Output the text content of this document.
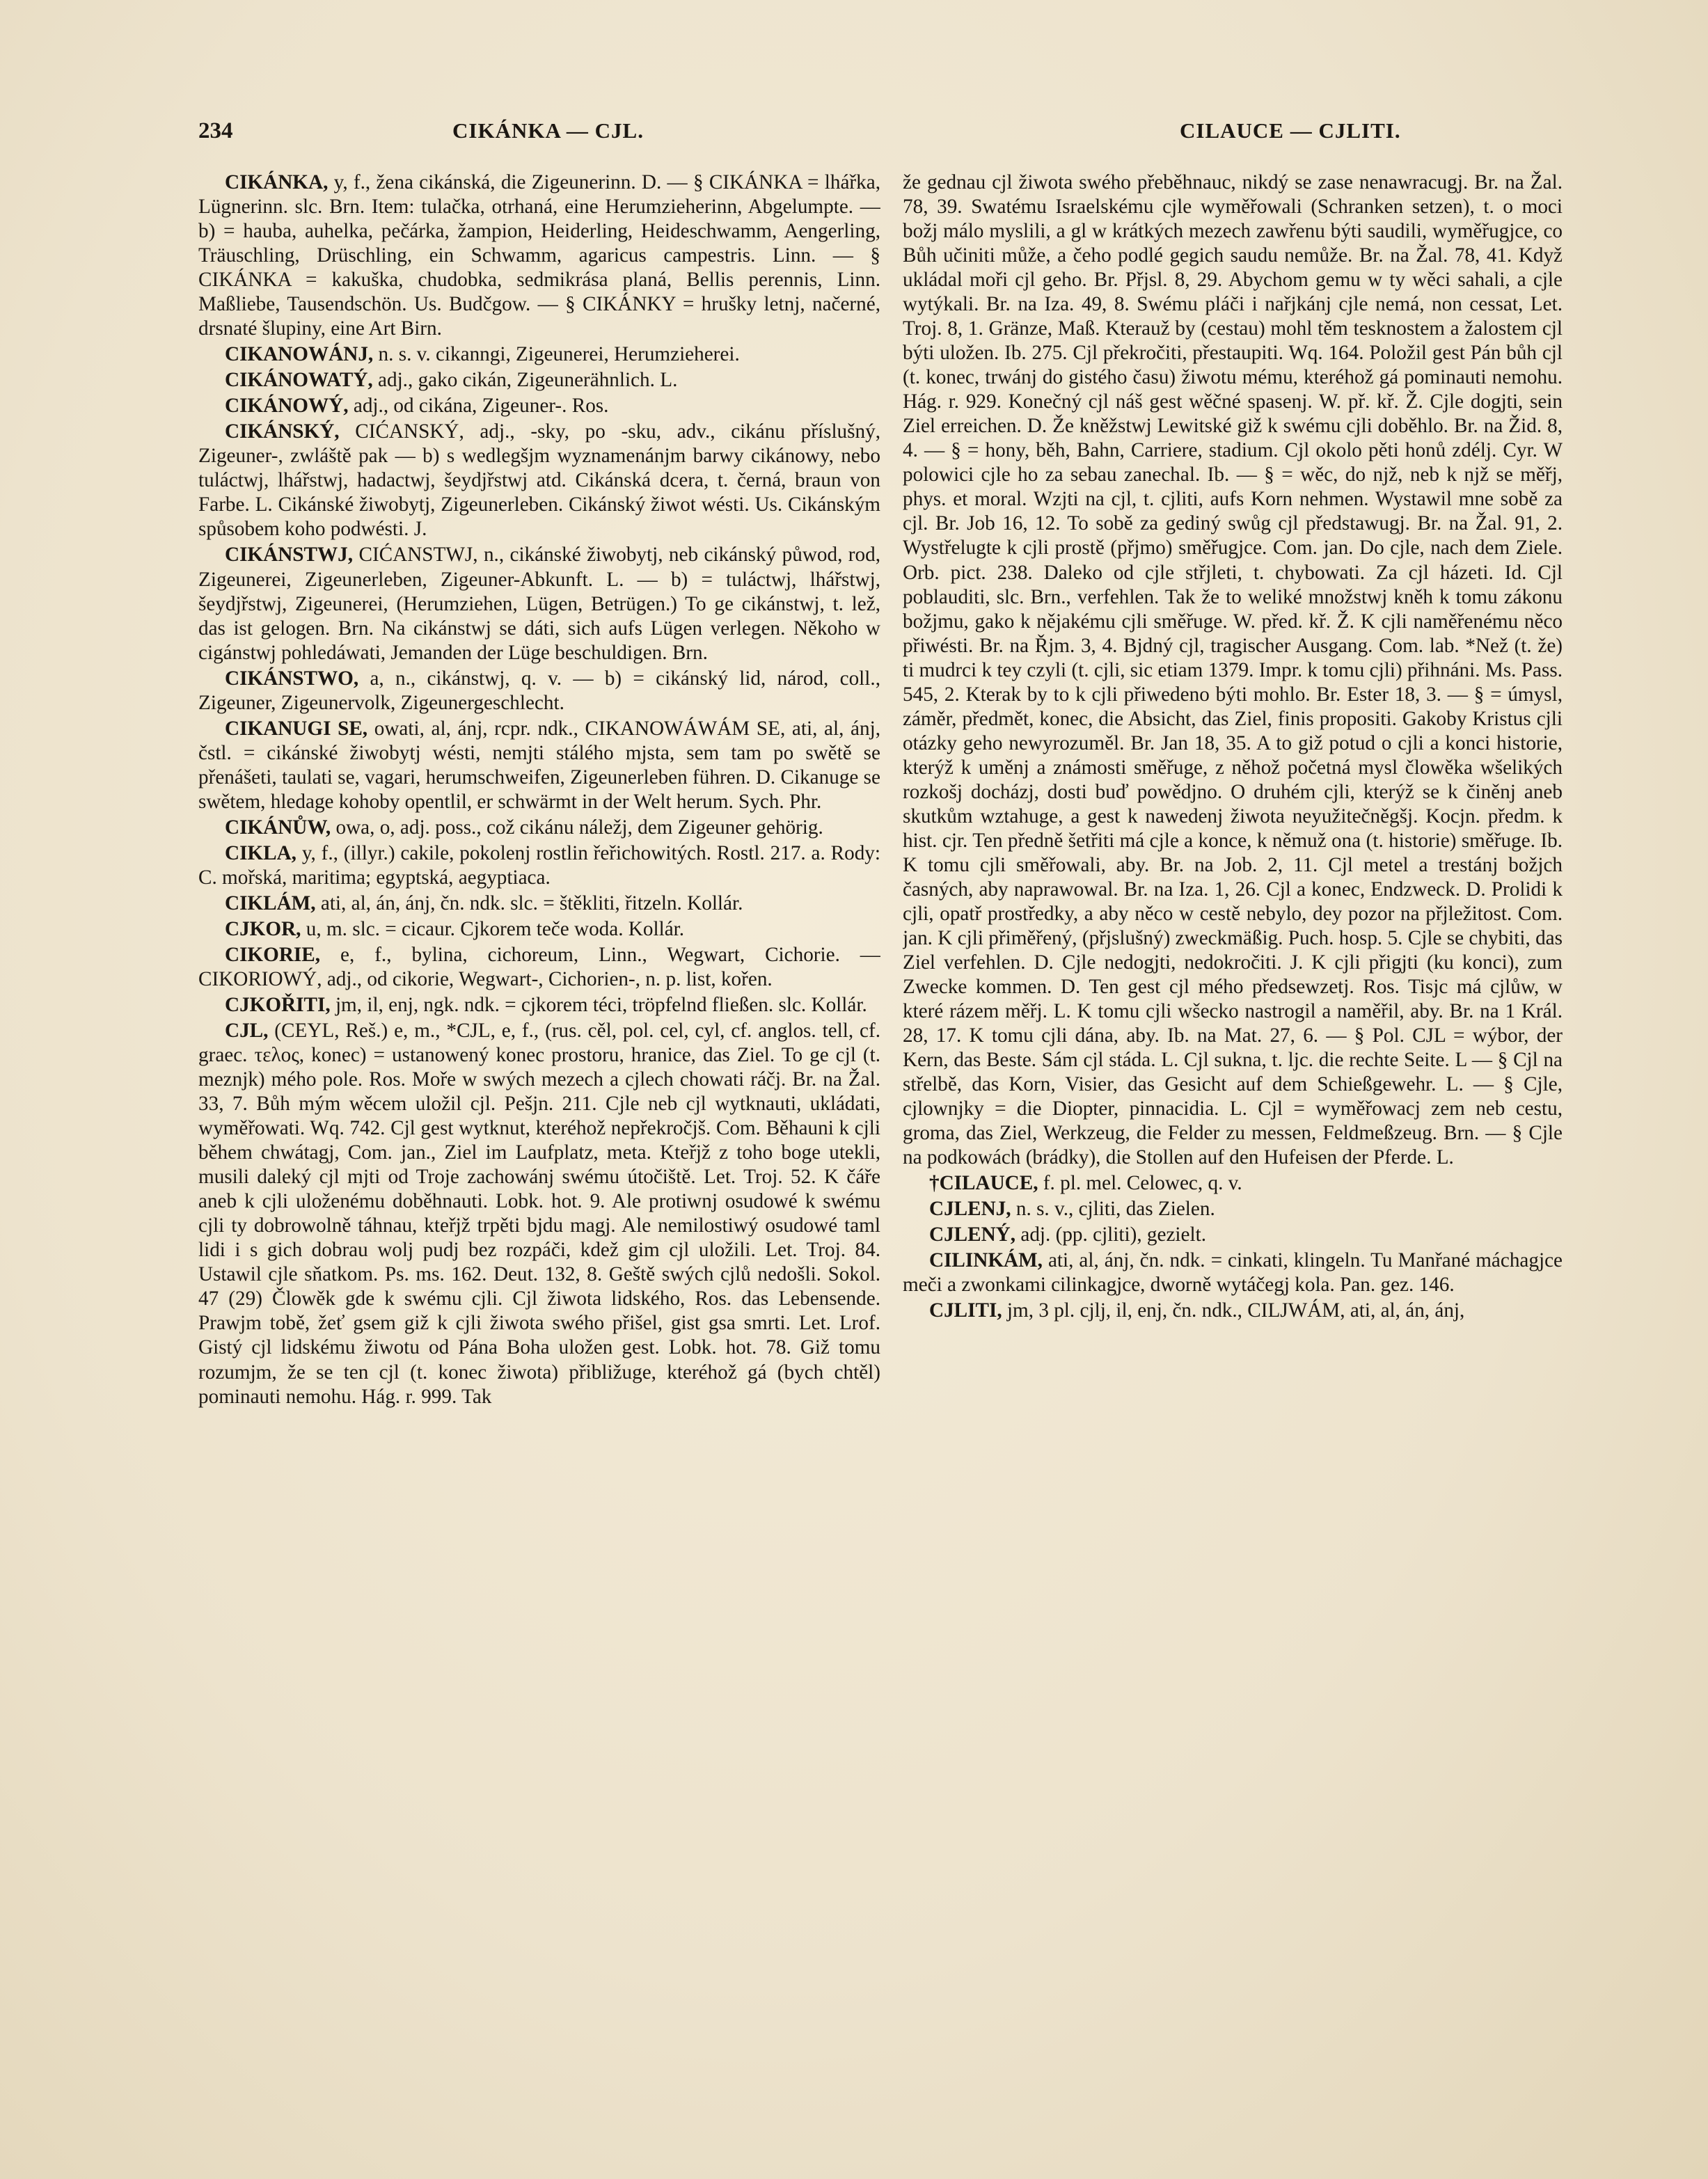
234	CIKÁNKA — CJL.	CILAUCE — CJLITI.

CIKÁNKA, y, f., žena cikánská, die Zigeunerinn. D. — § CIKÁNKA = lhářka, Lügnerinn. slc. Brn. Item: tulačka, otrhaná, eine Herumzieherinn, Abgelumpte. — b) = hauba, auhelka, pečárka, žampion, Heiderling, Heideschwamm, Aengerling, Träuschling, Drüschling, ein Schwamm, agaricus campestris. Linn. — § CIKÁNKA = kakuška, chudobka, sedmikrása planá, Bellis perennis, Linn. Maßliebe, Tausendschön. Us. Budčgow. — § CIKÁNKY = hrušky letnj, načerné, drsnaté šlupiny, eine Art Birn.

CIKANOWÁNJ, n. s. v. cikanngi, Zigeunerei, Herumzieherei.

CIKÁNOWATÝ, adj., gako cikán, Zigeunerähnlich. L.

CIKÁNOWÝ, adj., od cikána, Zigeuner-. Ros.

CIKÁNSKÝ, CIĆANSKÝ, adj., -sky, po -sku, adv., cikánu příslušný, Zigeuner-, zwláště pak — b) s wedlegšjm wyznamenánjm barwy cikánowy, nebo tuláctwj, lhářstwj, hadactwj, šeydjřstwj atd. Cikánská dcera, t. černá, braun von Farbe. L. Cikánské žiwobytj, Zigeunerleben. Cikánský žiwot wésti. Us. Cikánským spůsobem koho podwésti. J.

CIKÁNSTWJ, CIĆANSTWJ, n., cikánské žiwobytj, neb cikánský půwod, rod, Zigeunerei, Zigeunerleben, Zigeuner-Abkunft. L. — b) = tuláctwj, lhářstwj, šeydjřstwj, Zigeunerei, (Herumziehen, Lügen, Betrügen.) To ge cikánstwj, t. lež, das ist gelogen. Brn. Na cikánstwj se dáti, sich aufs Lügen verlegen. Někoho w cigánstwj pohledáwati, Jemanden der Lüge beschuldigen. Brn.

CIKÁNSTWO, a, n., cikánstwj, q. v. — b) = cikánský lid, národ, coll., Zigeuner, Zigeunervolk, Zigeunergeschlecht.

CIKANUGI SE, owati, al, ánj, rcpr. ndk., CIKANOWÁWÁM SE, ati, al, ánj, čstl. = cikánské žiwobytj wésti, nemjti stálého mjsta, sem tam po swětě se přenášeti, taulati se, vagari, herumschweifen, Zigeunerleben führen. D. Cikanuge se swětem, hledage kohoby opentlil, er schwärmt in der Welt herum. Sych. Phr.

CIKÁNŮW, owa, o, adj. poss., což cikánu náležj, dem Zigeuner gehörig.

CIKLA, y, f., (illyr.) cakile, pokolenj rostlin řeřichowitých. Rostl. 217. a. Rody: C. mořská, maritima; egyptská, aegyptiaca.

CIKLÁM, ati, al, án, ánj, čn. ndk. slc. = štěkliti, řitzeln. Kollár.

CJKOR, u, m. slc. = cicaur. Cjkorem teče woda. Kollár.

CIKORIE, e, f., bylina, cichoreum, Linn., Wegwart, Cichorie. — CIKORIOWÝ, adj., od cikorie, Wegwart-, Cichorien-, n. p. list, kořen.

CJKOŘITI, jm, il, enj, ngk. ndk. = cjkorem téci, tröpfelnd fließen. slc. Kollár.

CJL, (CEYL, Reš.) e, m., *CJL, e, f., (rus. cěl, pol. cel, cyl, cf. anglos. tell, cf. graec. τελος, konec) = ustanowený konec prostoru, hranice, das Ziel. To ge cjl (t. meznjk) mého pole. Ros. Moře w swých mezech a cjlech chowati ráčj. Br. na Žal. 33, 7. Bůh mým wěcem uložil cjl. Pešjn. 211. Cjle neb cjl wytknauti, ukládati, wyměřowati. Wq. 742. Cjl gest wytknut, kteréhož nepřekročjš. Com. Běhauni k cjli během chwátagj, Com. jan., Ziel im Laufplatz, meta. Kteřjž z toho boge utekli, musili daleký cjl mjti od Troje zachowánj swému útočiště. Let. Troj. 52. K čáře aneb k cjli uloženému doběhnauti. Lobk. hot. 9. Ale protiwnj osudowé k swému cjli ty dobrowolně táhnau, kteřjž trpěti bjdu magj. Ale nemilostiwý osudowé taml lidi i s gich dobrau wolj pudj bez rozpáči, kdež gim cjl uložili. Let. Troj. 84. Ustawil cjle sňatkom. Ps. ms. 162. Deut. 132, 8. Geště swých cjlů nedošli. Sokol. 47 (29) Člowěk gde k swému cjli. Cjl žiwota lidského, Ros. das Lebensende. Prawjm tobě, žeť gsem giž k cjli žiwota swého přišel, gist gsa smrti. Let. Lrof. Gistý cjl lidskému žiwotu od Pána Boha uložen gest. Lobk. hot. 78. Giž tomu rozumjm, že se ten cjl (t. konec žiwota) přibližuge, kteréhož gá (bych chtěl) pominauti nemohu. Hág. r. 999. Tak

že gednau cjl žiwota swého přeběhnauc, nikdý se zase nenawracugj. Br. na Žal. 78, 39. Swatému Israelskému cjle wyměřowali (Schranken setzen), t. o moci božj málo myslili, a gl w krátkých mezech zawřenu býti saudili, wyměřugjce, co Bůh učiniti může, a čeho podlé gegich saudu nemůže. Br. na Žal. 78, 41. Když ukládal moři cjl geho. Br. Přjsl. 8, 29. Abychom gemu w ty wěci sahali, a cjle wytýkali. Br. na Iza. 49, 8. Swému pláči i nařjkánj cjle nemá, non cessat, Let. Troj. 8, 1. Gränze, Maß. Kterauž by (cestau) mohl těm tesknostem a žalostem cjl býti uložen. Ib. 275. Cjl překročiti, přestaupiti. Wq. 164. Položil gest Pán bůh cjl (t. konec, trwánj do gistého času) žiwotu mému, kteréhož gá pominauti nemohu. Hág. r. 929. Konečný cjl náš gest wěčné spasenj. W. př. kř. Ž. Cjle dogjti, sein Ziel erreichen. D. Že kněžstwj Lewitské giž k swému cjli doběhlo. Br. na Žid. 8, 4. — § = hony, běh, Bahn, Carriere, stadium. Cjl okolo pěti honů zdélj. Cyr. W polowici cjle ho za sebau zanechal. Ib. — § = wěc, do njž, neb k njž se měřj, phys. et moral. Wzjti na cjl, t. cjliti, aufs Korn nehmen. Wystawil mne sobě za cjl. Br. Job 16, 12. To sobě za gediný swůg cjl předstawugj. Br. na Žal. 91, 2. Wystřelugte k cjli prostě (přjmo) směřugjce. Com. jan. Do cjle, nach dem Ziele. Orb. pict. 238. Daleko od cjle střjleti, t. chybowati. Za cjl házeti. Id. Cjl poblauditi, slc. Brn., verfehlen. Tak že to weliké množstwj kněh k tomu zákonu božjmu, gako k nějakému cjli směřuge. W. před. kř. Ž. K cjli naměřenému něco přiwésti. Br. na Řjm. 3, 4. Bjdný cjl, tragischer Ausgang. Com. lab. *Než (t. že) ti mudrci k tey czyli (t. cjli, sic etiam 1379. Impr. k tomu cjli) přihnáni. Ms. Pass. 545, 2. Kterak by to k cjli přiwedeno býti mohlo. Br. Ester 18, 3. — § = úmysl, záměr, předmět, konec, die Absicht, das Ziel, finis propositi. Gakoby Kristus cjli otázky geho newyrozuměl. Br. Jan 18, 35. A to giž potud o cjli a konci historie, kterýž k uměnj a známosti směřuge, z něhož početná mysl člowěka wšelikých rozkošj docházj, dosti buď powědjno. O druhém cjli, kterýž se k činěnj aneb skutkům wztahuge, a gest k nawedenj žiwota neyužitečněgšj. Kocjn. předm. k hist. cjr. Ten předně šetřiti má cjle a konce, k němuž ona (t. historie) směřuge. Ib. K tomu cjli směřowali, aby. Br. na Job. 2, 11. Cjl metel a trestánj božjch časných, aby naprawowal. Br. na Iza. 1, 26. Cjl a konec, Endzweck. D. Prolidi k cjli, opatř prostředky, a aby něco w cestě nebylo, dey pozor na přjležitost. Com. jan. K cjli přiměřený, (přjslušný) zweckmäßig. Puch. hosp. 5. Cjle se chybiti, das Ziel verfehlen. D. Cjle nedogjti, nedokročiti. J. K cjli přigjti (ku konci), zum Zwecke kommen. D. Ten gest cjl mého předsewzetj. Ros. Tisjc má cjlůw, w které rázem měřj. L. K tomu cjli wšecko nastrogil a naměřil, aby. Br. na 1 Král. 28, 17. K tomu cjli dána, aby. Ib. na Mat. 27, 6. — § Pol. CJL = wýbor, der Kern, das Beste. Sám cjl stáda. L. Cjl sukna, t. ljc. die rechte Seite. L — § Cjl na střelbě, das Korn, Visier, das Gesicht auf dem Schießgewehr. L. — § Cjle, cjlownjky = die Diopter, pinnacidia. L. Cjl = wyměřowacj zem neb cestu, groma, das Ziel, Werkzeug, die Felder zu messen, Feldmeßzeug. Brn. — § Cjle na podkowách (brádky), die Stollen auf den Hufeisen der Pferde. L.

†CILAUCE, f. pl. mel. Celowec, q. v.

CJLENJ, n. s. v., cjliti, das Zielen.

CJLENÝ, adj. (pp. cjliti), gezielt.

CILINKÁM, ati, al, ánj, čn. ndk. = cinkati, klingeln. Tu Manřané máchagjce meči a zwonkami cilinkagjce, dworně wytáčegj kola. Pan. gez. 146.

CJLITI, jm, 3 pl. cjlj, il, enj, čn. ndk., CILJWÁM, ati, al, án, ánj,
